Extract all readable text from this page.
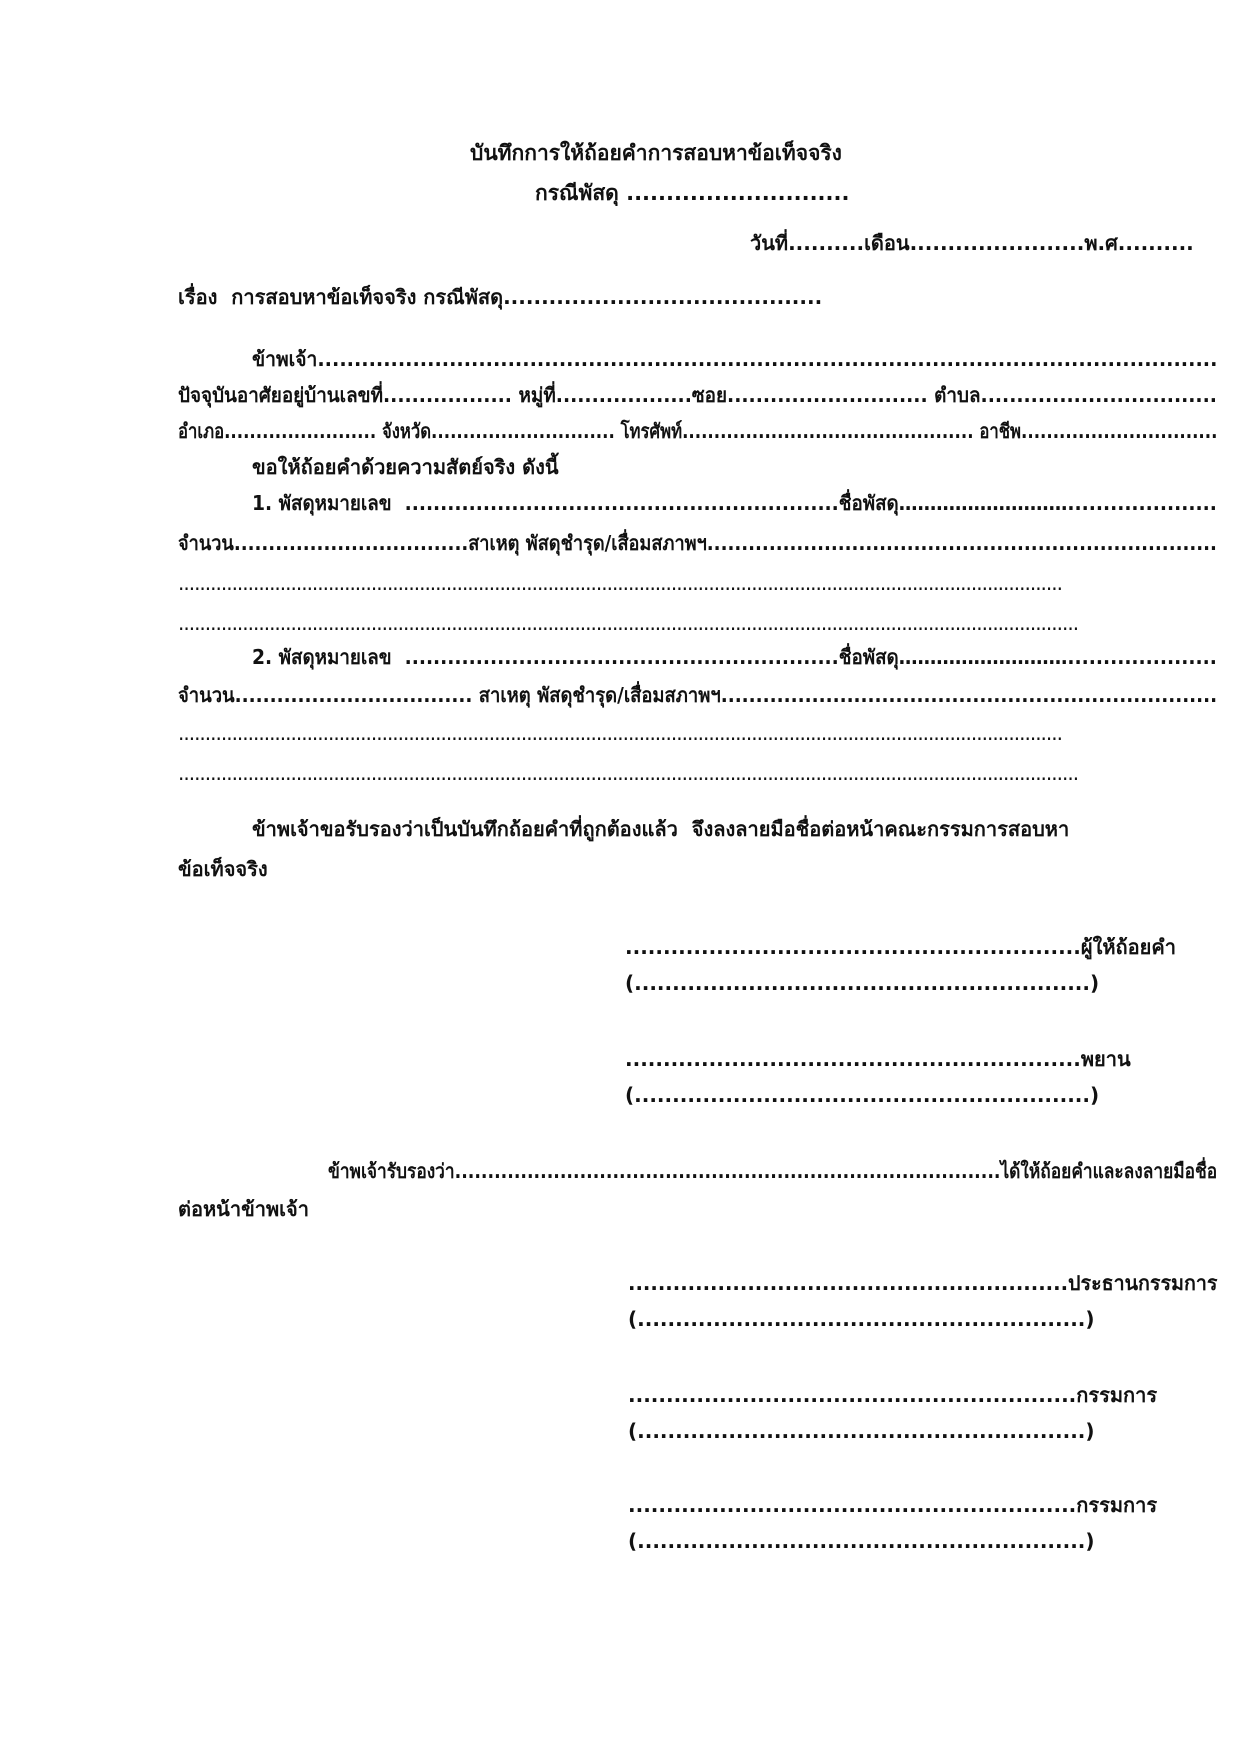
บันทึกการให้ถ้อยคำการสอบหาข้อเท็จจริง

กรณีพัสดุ ............................

วันที่..........เดือน.......................พ.ศ..........

เรื่อง  การสอบหาข้อเท็จจริง กรณีพัสดุ..........................................

ข้าพเจ้า...........................................................................................................................

ปัจจุบันอาศัยอยู่บ้านเลขที่.................. หมู่ที่...................ซอย............................ ตำบล.................................

อำเภอ........................ จังหวัด............................. โทรศัพท์.............................................. อาชีพ...............................

ขอให้ถ้อยคำด้วยความสัตย์จริง ดังนี้

1. พัสดุหมายเลข  .............................................................ชื่อพัสดุ……………………….....................

จำนวน..................................สาเหตุ พัสดุชำรุด/เสื่อมสภาพฯ..........................................................................

.....................................................................................................................................................................

........................................................................................................................................................................

2. พัสดุหมายเลข  .............................................................ชื่อพัสดุ……………………….....................

จำนวน.................................. สาเหตุ พัสดุชำรุด/เสื่อมสภาพฯ.......................................................................

.....................................................................................................................................................................

........................................................................................................................................................................

ข้าพเจ้าขอรับรองว่าเป็นบันทึกถ้อยคำที่ถูกต้องแล้ว  จึงลงลายมือชื่อต่อหน้าคณะกรรมการสอบหา

ข้อเท็จจริง

............................................................ผู้ให้ถ้อยคำ

(............................................................)

............................................................พยาน

(............................................................)

ข้าพเจ้ารับรองว่า...................................................................................ได้ให้ถ้อยคำและลงลายมือชื่อ

ต่อหน้าข้าพเจ้า

...........................................................ประธานกรรมการ

(...........................................................)

...........................................................กรรมการ

(...........................................................)

...........................................................กรรมการ

(...........................................................)
